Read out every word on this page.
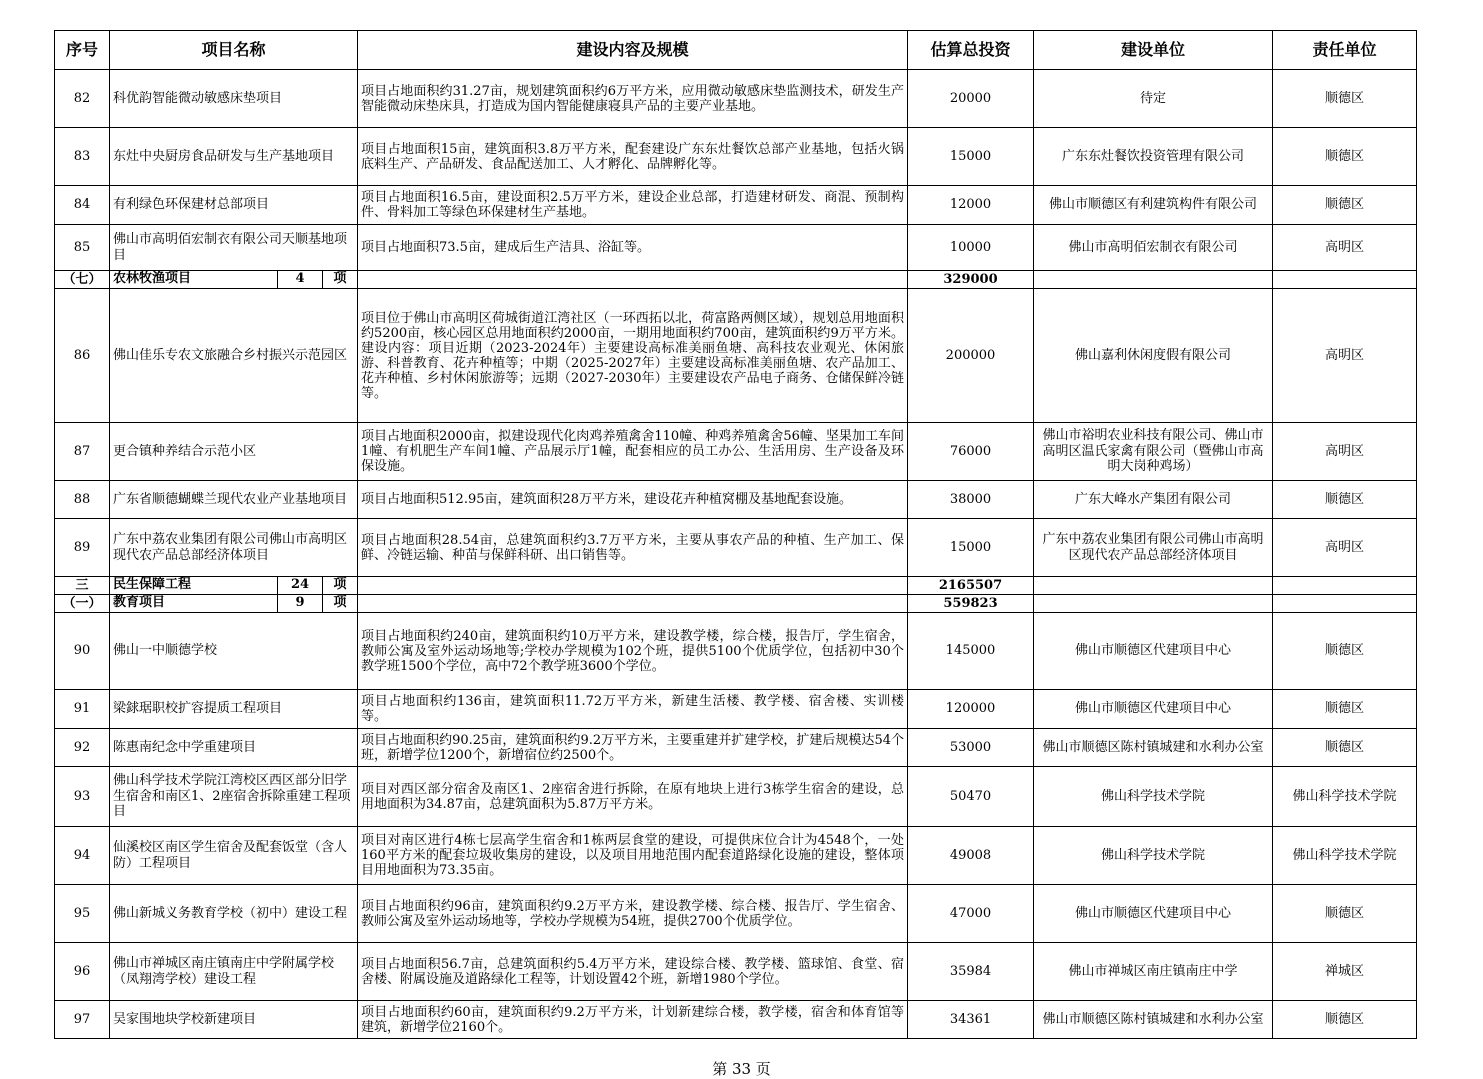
序号	项目名称	建设内容及规模	估算总投资	建设单位	责任单位
82	科优韵智能微动敏感床垫项目	项目占地面积约31.27亩，规划建筑面积约6万平方米，应用微动敏感床垫监测技术，研发生产智能微动床垫床具，打造成为国内智能健康寝具产品的主要产业基地。	20000	待定	顺德区
83	东灶中央厨房食品研发与生产基地项目	项目占地面积15亩，建筑面积3.8万平方米，配套建设广东东灶餐饮总部产业基地，包括火锅底料生产、产品研发、食品配送加工、人才孵化、品牌孵化等。	15000	广东东灶餐饮投资管理有限公司	顺德区
84	有利绿色环保建材总部项目	项目占地面积16.5亩，建设面积2.5万平方米，建设企业总部，打造建材研发、商混、预制构件、骨料加工等绿色环保建材生产基地。	12000	佛山市顺德区有利建筑构件有限公司	顺德区
85	佛山市高明佰宏制衣有限公司天顺基地项目	项目占地面积73.5亩，建成后生产洁具、浴缸等。	10000	佛山市高明佰宏制衣有限公司	高明区
（七）	农林牧渔项目 4 项		329000		
86	佛山佳乐专农文旅融合乡村振兴示范园区	项目位于佛山市高明区荷城街道江湾社区（一环西拓以北，荷富路两侧区域），规划总用地面积约5200亩，核心园区总用地面积约2000亩，一期用地面积约700亩，建筑面积约9万平方米。建设内容：项目近期（2023-2024年）主要建设高标准美丽鱼塘、高科技农业观光、休闲旅游、科普教育、花卉种植等；中期（2025-2027年）主要建设高标准美丽鱼塘、农产品加工、花卉种植、乡村休闲旅游等；远期（2027-2030年）主要建设农产品电子商务、仓储保鲜冷链等。	200000	佛山嘉利休闲度假有限公司	高明区
87	更合镇种养结合示范小区	项目占地面积2000亩，拟建设现代化肉鸡养殖禽舍110幢、种鸡养殖禽舍56幢、坚果加工车间1幢、有机肥生产车间1幢、产品展示厅1幢，配套相应的员工办公、生活用房、生产设备及环保设施。	76000	佛山市裕明农业科技有限公司、佛山市高明区温氏家禽有限公司（暨佛山市高明大岗种鸡场）	高明区
88	广东省顺德蝴蝶兰现代农业产业基地项目	项目占地面积512.95亩，建筑面积28万平方米，建设花卉种植窝棚及基地配套设施。	38000	广东大峰水产集团有限公司	顺德区
89	广东中荔农业集团有限公司佛山市高明区现代农产品总部经济体项目	项目占地面积28.54亩，总建筑面积约3.7万平方米，主要从事农产品的种植、生产加工、保鲜、冷链运输、种苗与保鲜科研、出口销售等。	15000	广东中荔农业集团有限公司佛山市高明区现代农产品总部经济体项目	高明区
三	民生保障工程 24 项		2165507		
（一）	教育项目 9 项		559823		
90	佛山一中顺德学校	项目占地面积约240亩，建筑面积约10万平方米，建设教学楼，综合楼，报告厅，学生宿舍，教师公寓及室外运动场地等;学校办学规模为102个班，提供5100个优质学位，包括初中30个教学班1500个学位，高中72个教学班3600个学位。	145000	佛山市顺德区代建项目中心	顺德区
91	梁銶琚职校扩容提质工程项目	项目占地面积约136亩，建筑面积11.72万平方米，新建生活楼、教学楼、宿舍楼、实训楼等。	120000	佛山市顺德区代建项目中心	顺德区
92	陈惠南纪念中学重建项目	项目占地面积约90.25亩，建筑面积约9.2万平方米，主要重建并扩建学校，扩建后规模达54个班，新增学位1200个，新增宿位约2500个。	53000	佛山市顺德区陈村镇城建和水利办公室	顺德区
93	佛山科学技术学院江湾校区西区部分旧学生宿舍和南区1、2座宿舍拆除重建工程项目	项目对西区部分宿舍及南区1、2座宿舍进行拆除，在原有地块上进行3栋学生宿舍的建设，总用地面积为34.87亩，总建筑面积为5.87万平方米。	50470	佛山科学技术学院	佛山科学技术学院
94	仙溪校区南区学生宿舍及配套饭堂（含人防）工程项目	项目对南区进行4栋七层高学生宿舍和1栋两层食堂的建设，可提供床位合计为4548个，一处160平方米的配套垃圾收集房的建设，以及项目用地范围内配套道路绿化设施的建设，整体项目用地面积为73.35亩。	49008	佛山科学技术学院	佛山科学技术学院
95	佛山新城义务教育学校（初中）建设工程	项目占地面积约96亩，建筑面积约9.2万平方米，建设教学楼、综合楼、报告厅、学生宿舍、教师公寓及室外运动场地等，学校办学规模为54班，提供2700个优质学位。	47000	佛山市顺德区代建项目中心	顺德区
96	佛山市禅城区南庄镇南庄中学附属学校（凤翔湾学校）建设工程	项目占地面积56.7亩，总建筑面积约5.4万平方米，建设综合楼、教学楼、篮球馆、食堂、宿舍楼、附属设施及道路绿化工程等，计划设置42个班，新增1980个学位。	35984	佛山市禅城区南庄镇南庄中学	禅城区
97	吴家围地块学校新建项目	项目占地面积约60亩，建筑面积约9.2万平方米，计划新建综合楼，教学楼，宿舍和体育馆等建筑，新增学位2160个。	34361	佛山市顺德区陈村镇城建和水利办公室	顺德区
第 33 页
